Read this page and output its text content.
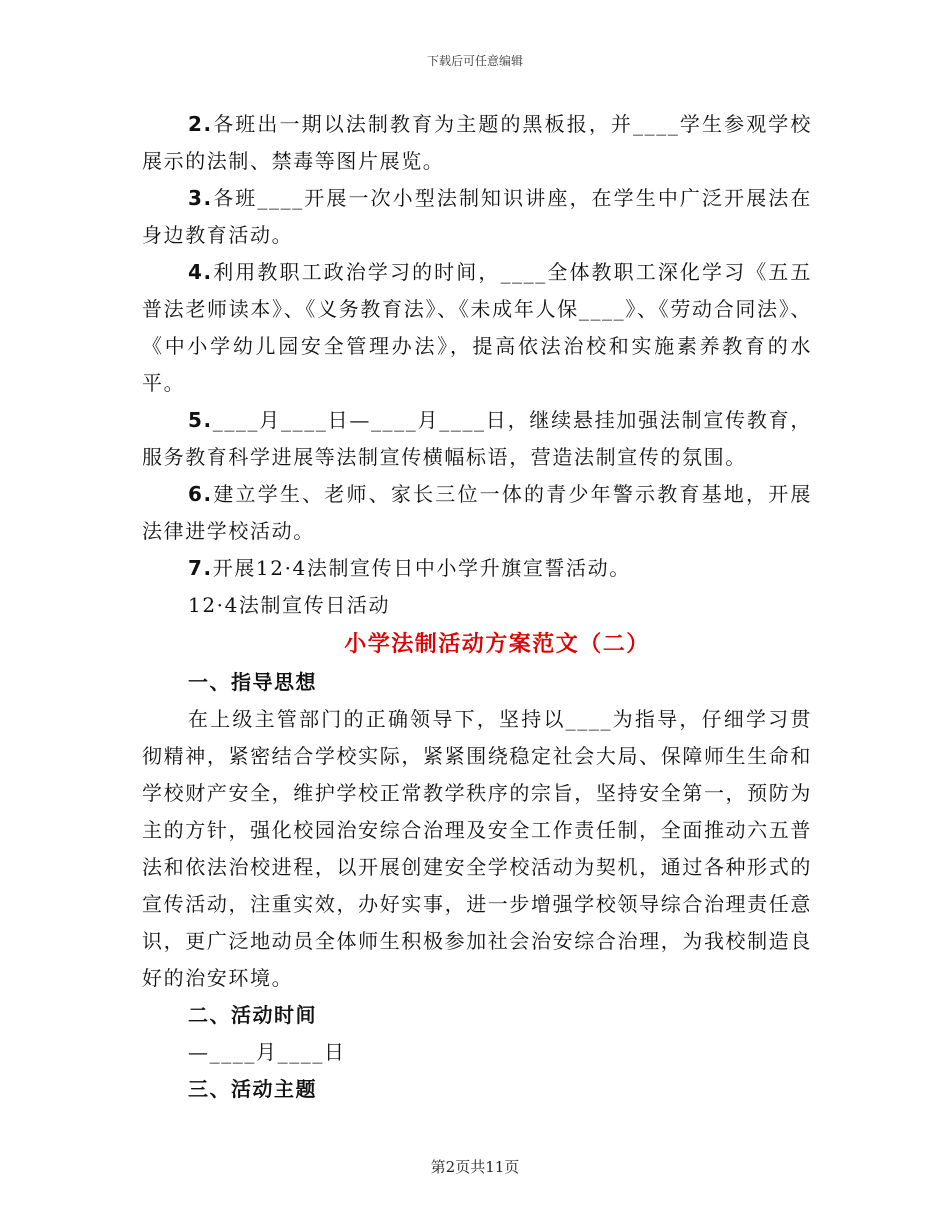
下载后可任意编辑

2.各班出一期以法制教育为主题的黑板报，并____学生参观学校展示的法制、禁毒等图片展览。

3.各班____开展一次小型法制知识讲座，在学生中广泛开展法在身边教育活动。

4.利用教职工政治学习的时间，____全体教职工深化学习《五五普法老师读本》、《义务教育法》、《未成年人保____》、《劳动合同法》、《中小学幼儿园安全管理办法》，提高依法治校和实施素养教育的水平。

5.____月____日—____月____日，继续悬挂加强法制宣传教育，服务教育科学进展等法制宣传横幅标语，营造法制宣传的氛围。

6.建立学生、老师、家长三位一体的青少年警示教育基地，开展法律进学校活动。

7.开展12·4法制宣传日中小学升旗宣誓活动。

12·4法制宣传日活动

小学法制活动方案范文（二）

一、指导思想

在上级主管部门的正确领导下，坚持以____为指导，仔细学习贯彻精神，紧密结合学校实际，紧紧围绕稳定社会大局、保障师生生命和学校财产安全，维护学校正常教学秩序的宗旨，坚持安全第一，预防为主的方针，强化校园治安综合治理及安全工作责任制，全面推动六五普法和依法治校进程，以开展创建安全学校活动为契机，通过各种形式的宣传活动，注重实效，办好实事，进一步增强学校领导综合治理责任意识，更广泛地动员全体师生积极参加社会治安综合治理，为我校制造良好的治安环境。

二、活动时间

—____月____日

三、活动主题

第2页共11页
